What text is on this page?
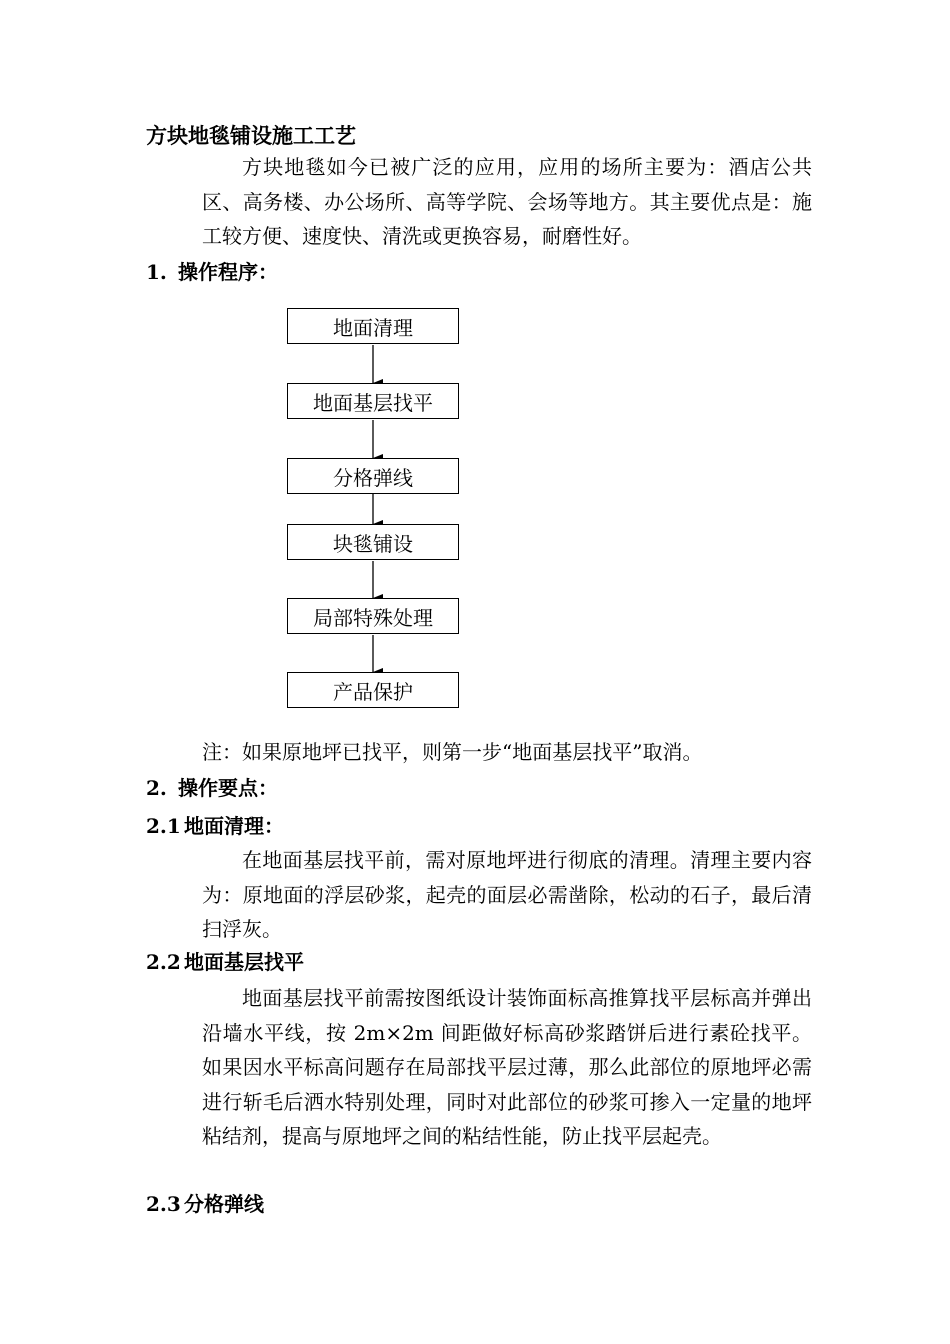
方块地毯铺设施工工艺
方块地毯如今已被广泛的应用，应用的场所主要为：酒店公共区、高务楼、办公场所、高等学院、会场等地方。其主要优点是：施工较方便、速度快、清洗或更换容易，耐磨性好。
1. 操作程序：
地面清理
地面基层找平
分格弹线
块毯铺设
局部特殊处理
产品保护
注：如果原地坪已找平，则第一步“地面基层找平”取消。
2. 操作要点：
2.1 地面清理：
在地面基层找平前，需对原地坪进行彻底的清理。清理主要内容为：原地面的浮层砂浆，起壳的面层必需凿除，松动的石子，最后清扫浮灰。
2.2 地面基层找平
地面基层找平前需按图纸设计装饰面标高推算找平层标高并弹出沿墙水平线，按 2m×2m 间距做好标高砂浆踏饼后进行素砼找平。如果因水平标高问题存在局部找平层过薄，那么此部位的原地坪必需进行斩毛后洒水特别处理，同时对此部位的砂浆可掺入一定量的地坪粘结剂，提高与原地坪之间的粘结性能，防止找平层起壳。
2.3 分格弹线
